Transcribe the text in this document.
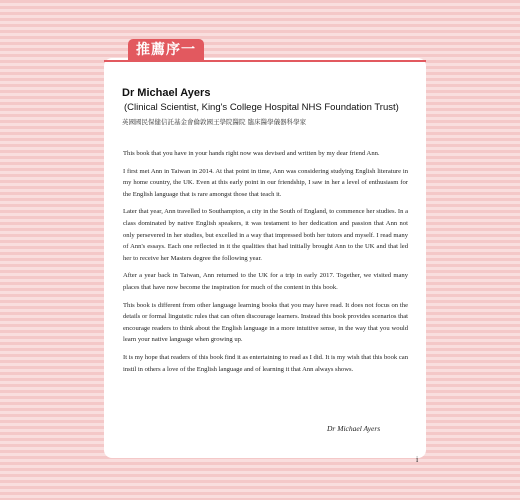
推薦序一
Dr Michael Ayers
(Clinical Scientist, King's College Hospital NHS Foundation Trust)
英國國民保健信託基金會倫敦國王學院醫院 臨床醫學儀器科學家

This book that you have in your hands right now was devised and written by my dear friend Ann.

I first met Ann in Taiwan in 2014. At that point in time, Ann was considering studying English literature in my home country, the UK. Even at this early point in our friendship, I saw in her a level of enthusiasm for the English language that is rare amongst those that teach it.

Later that year, Ann travelled to Southampton, a city in the South of England, to commence her studies. In a class dominated by native English speakers, it was testament to her dedication and passion that Ann not only persevered in her studies, but excelled in a way that impressed both her tutors and myself. I read many of Ann's essays. Each one reflected in it the qualities that had initially brought Ann to the UK and that led her to receive her Masters degree the following year.

After a year back in Taiwan, Ann returned to the UK for a trip in early 2017. Together, we visited many places that have now become the inspiration for much of the content in this book.

This book is different from other language learning books that you may have read. It does not focus on the details or formal linguistic rules that can often discourage learners. Instead this book provides scenarios that encourage readers to think about the English language in a more intuitive sense, in the way that you would learn your native language when growing up.

It is my hope that readers of this book find it as entertaining to read as I did. It is my wish that this book can instil in others a love of the English language and of learning it that Ann always shows.

Dr Michael Ayers
i
